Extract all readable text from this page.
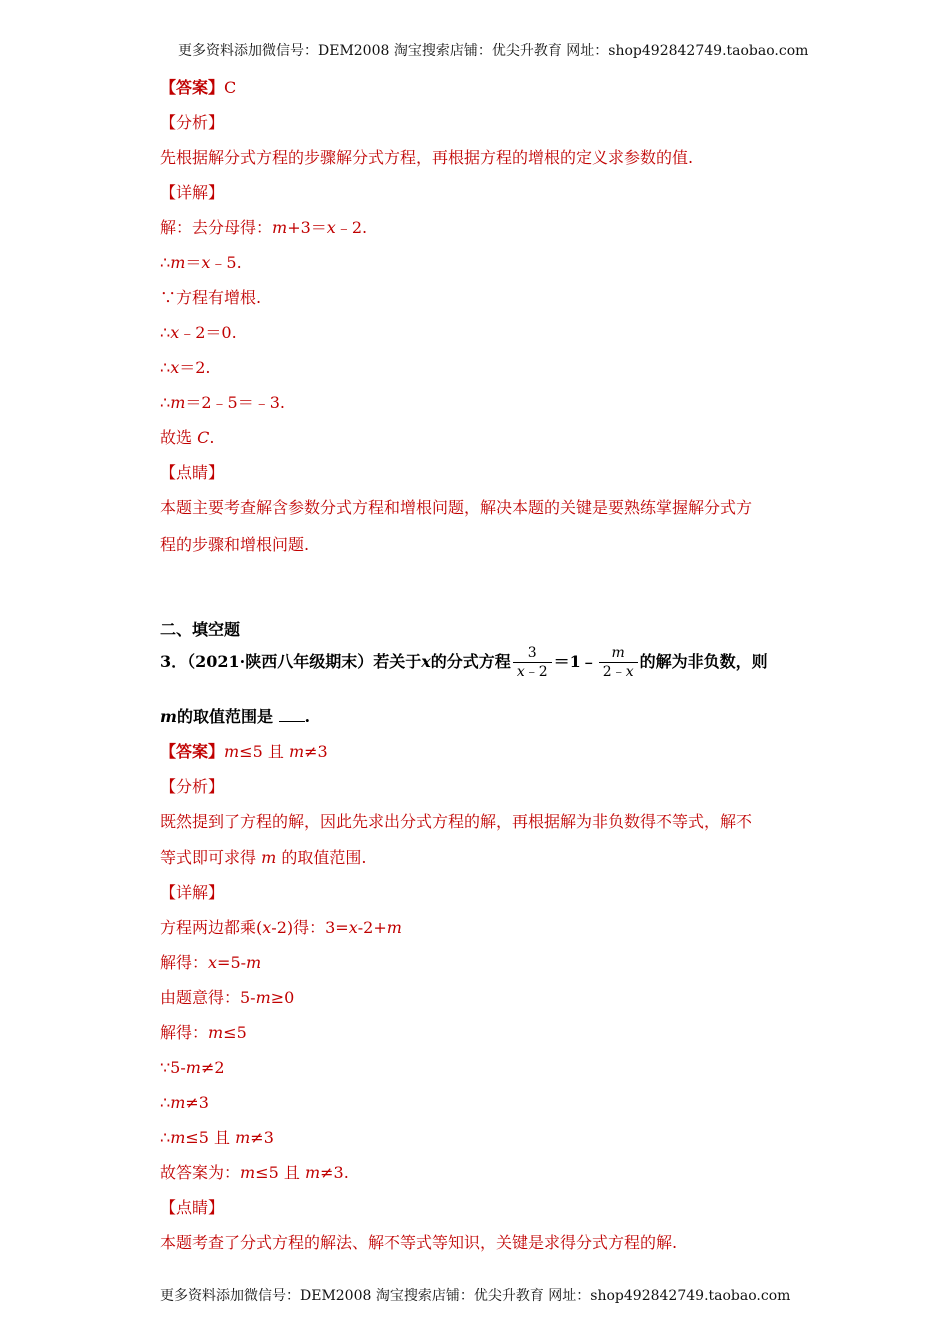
更多资料添加微信号：DEM2008 淘宝搜索店铺：优尖升教育 网址：shop492842749.taobao.com
【答案】C
【分析】
先根据解分式方程的步骤解分式方程，再根据方程的增根的定义求参数的值.
【详解】
解：去分母得：m+3＝x﹣2.
∴m＝x﹣5.
∵方程有增根.
∴x﹣2＝0.
∴x＝2.
∴m＝2﹣5＝﹣3.
故选 C.
【点睛】
本题主要考查解含参数分式方程和增根问题，解决本题的关键是要熟练掌握解分式方
程的步骤和增根问题.
二、填空题
3．（2021·陕西八年级期末）若关于x的分式方程 $\frac{3}{x﹣2}$ ＝1﹣ $\frac{m}{2﹣x}$ 的解为非负数，则
m的取值范围是 .
【答案】m≤5 且 m≠3
【分析】
既然提到了方程的解，因此先求出分式方程的解，再根据解为非负数得不等式，解不
等式即可求得 m 的取值范围.
【详解】
方程两边都乘(x-2)得：3=x-2+m
解得：x=5-m
由题意得：5-m≥0
解得：m≤5
∵5-m≠2
∴m≠3
∴m≤5 且 m≠3
故答案为：m≤5 且 m≠3.
【点睛】
本题考查了分式方程的解法、解不等式等知识，关键是求得分式方程的解.
更多资料添加微信号：DEM2008 淘宝搜索店铺：优尖升教育 网址：shop492842749.taobao.com
